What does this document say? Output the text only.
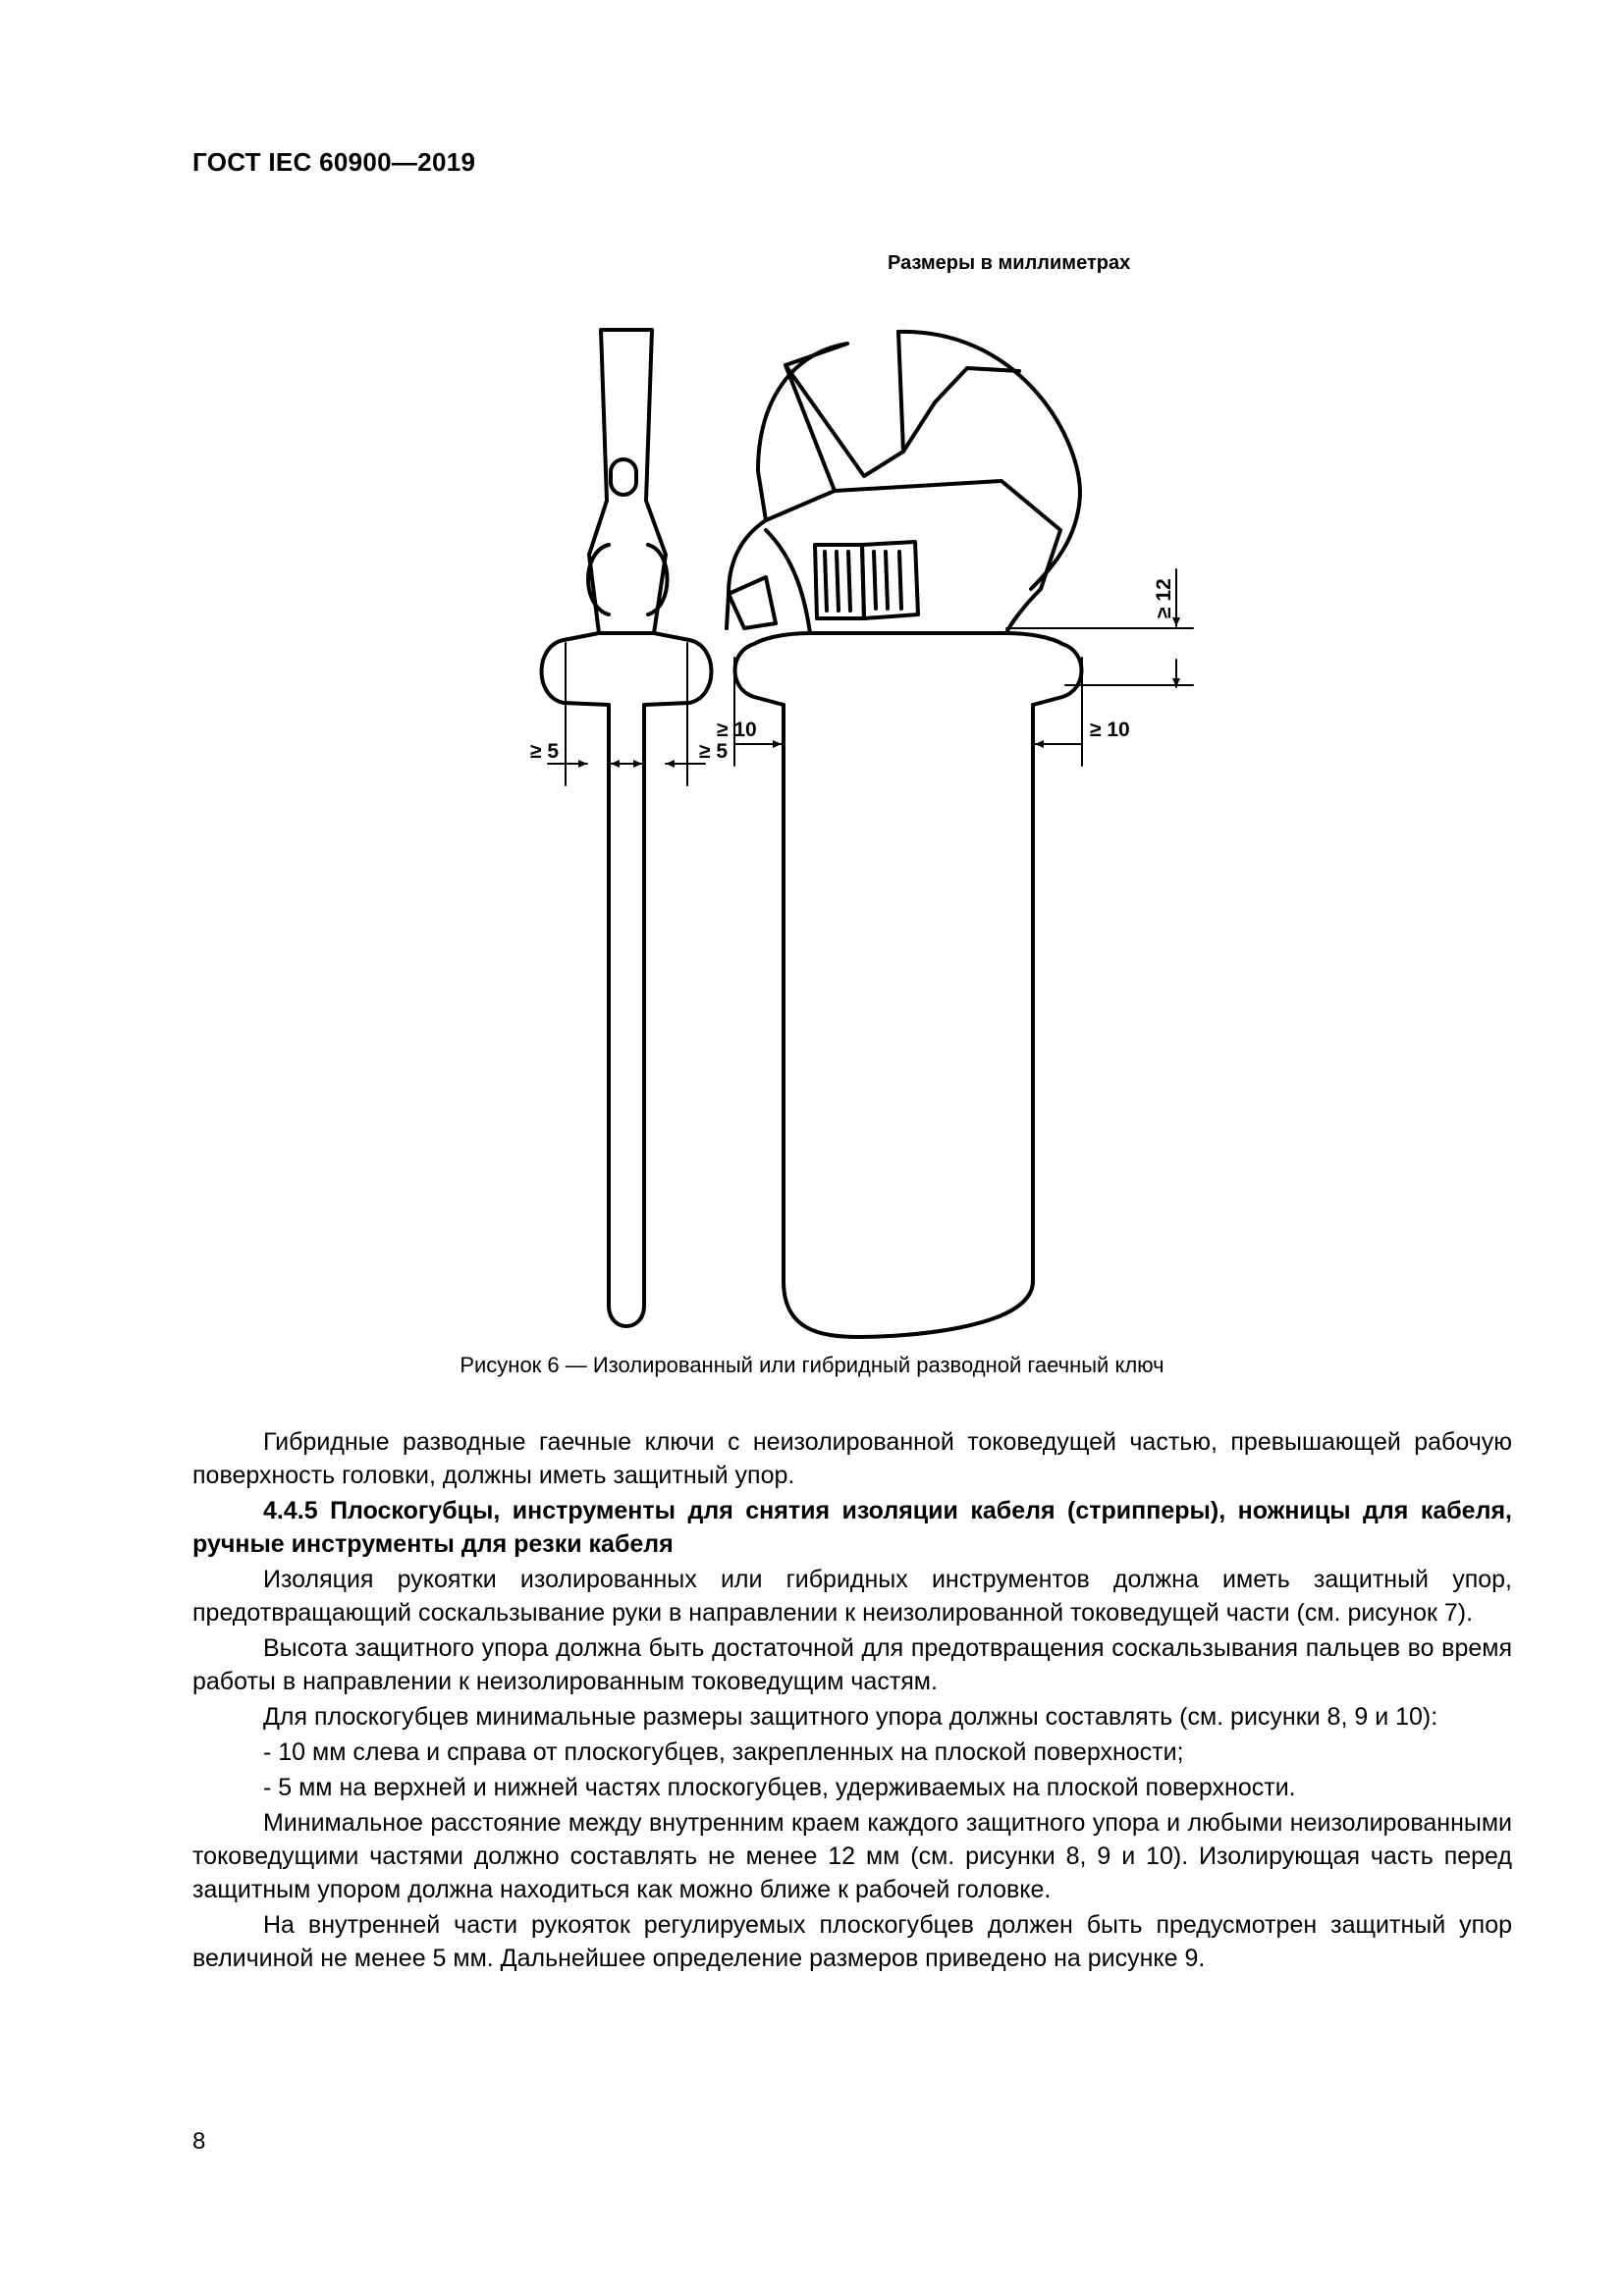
ГОСТ IEC 60900—2019
Размеры в миллиметрах
≥ 5	≥ 5
≥ 10	≥ 10
≥ 12
Рисунок 6 — Изолированный или гибридный разводной гаечный ключ

Гибридные разводные гаечные ключи с неизолированной токоведущей частью, превышающей рабочую поверхность головки, должны иметь защитный упор.

4.4.5 Плоскогубцы, инструменты для снятия изоляции кабеля (стрипперы), ножницы для кабеля, ручные инструменты для резки кабеля

Изоляция рукоятки изолированных или гибридных инструментов должна иметь защитный упор, предотвращающий соскальзывание руки в направлении к неизолированной токоведущей части (см. рисунок 7).

Высота защитного упора должна быть достаточной для предотвращения соскальзывания пальцев во время работы в направлении к неизолированным токоведущим частям.

Для плоскогубцев минимальные размеры защитного упора должны составлять (см. рисунки 8, 9 и 10):

- 10 мм слева и справа от плоскогубцев, закрепленных на плоской поверхности;

- 5 мм на верхней и нижней частях плоскогубцев, удерживаемых на плоской поверхности.

Минимальное расстояние между внутренним краем каждого защитного упора и любыми неизолированными токоведущими частями должно составлять не менее 12 мм (см. рисунки 8, 9 и 10). Изолирующая часть перед защитным упором должна находиться как можно ближе к рабочей головке.

На внутренней части рукояток регулируемых плоскогубцев должен быть предусмотрен защитный упор величиной не менее 5 мм. Дальнейшее определение размеров приведено на рисунке 9.

8
